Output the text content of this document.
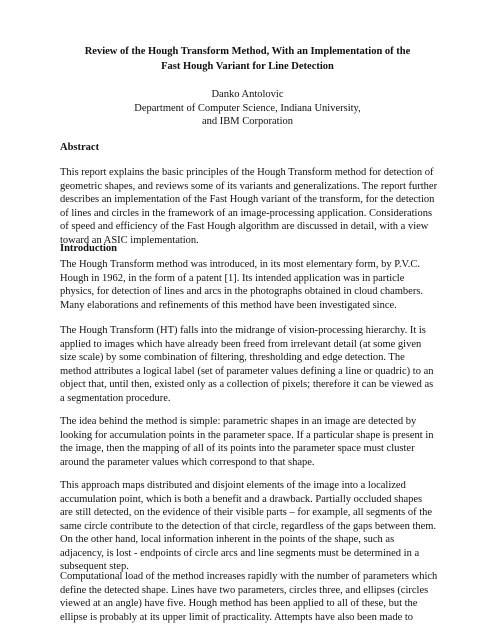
Review of the Hough Transform Method, With an Implementation of the
Fast Hough Variant for Line Detection
Danko Antolovic
Department of Computer Science, Indiana University,
and IBM Corporation
Abstract
This report explains the basic principles of the Hough Transform method for detection of
geometric shapes, and reviews some of its variants and generalizations. The report further
describes an implementation of the Fast Hough variant of the transform, for the detection
of lines and circles in the framework of an image-processing application. Considerations
of speed and efficiency of the Fast Hough algorithm are discussed in detail, with a view
toward an ASIC implementation.
Introduction
The Hough Transform method was introduced, in its most elementary form, by P.V.C.
Hough in 1962, in the form of a patent [1]. Its intended application was in particle
physics, for detection of lines and arcs in the photographs obtained in cloud chambers.
Many elaborations and refinements of this method have been investigated since.
The Hough Transform (HT) falls into the midrange of vision-processing hierarchy. It is
applied to images which have already been freed from irrelevant detail (at some given
size scale) by some combination of filtering, thresholding and edge detection. The
method attributes a logical label (set of parameter values defining a line or quadric) to an
object that, until then, existed only as a collection of pixels; therefore it can be viewed as
a segmentation procedure.
The idea behind the method is simple: parametric shapes in an image are detected by
looking for accumulation points in the parameter space. If a particular shape is present in
the image, then the mapping of all of its points into the parameter space must cluster
around the parameter values which correspond to that shape.
This approach maps distributed and disjoint elements of the image into a localized
accumulation point, which is both a benefit and a drawback. Partially occluded shapes
are still detected, on the evidence of their visible parts – for example, all segments of the
same circle contribute to the detection of that circle, regardless of the gaps between them.
On the other hand, local information inherent in the points of the shape, such as
adjacency, is lost - endpoints of circle arcs and line segments must be determined in a
subsequent step.
Computational load of the method increases rapidly with the number of parameters which
define the detected shape. Lines have two parameters, circles three, and ellipses (circles
viewed at an angle) have five. Hough method has been applied to all of these, but the
ellipse is probably at its upper limit of practicality. Attempts have also been made to
